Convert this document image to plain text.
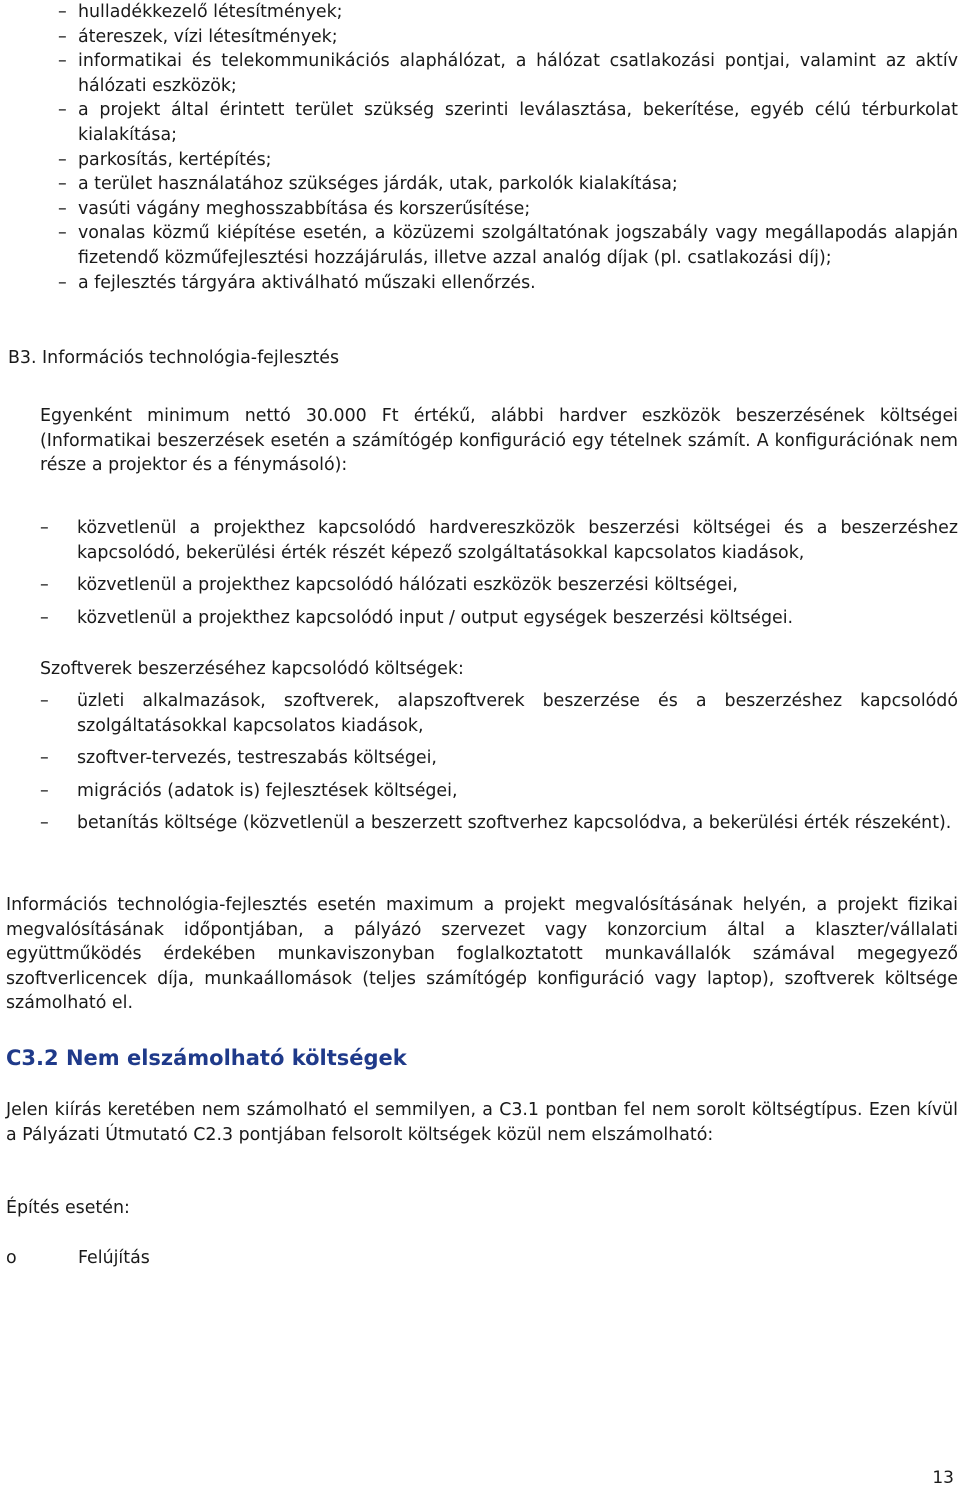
– hulladékkezelő létesítmények;
– átereszek, vízi létesítmények;
– informatikai és telekommunikációs alaphálózat, a hálózat csatlakozási pontjai, valamint az aktív hálózati eszközök;
– a projekt által érintett terület szükség szerinti leválasztása, bekerítése, egyéb célú térburkolat kialakítása;
– parkosítás, kertépítés;
– a terület használatához szükséges járdák, utak, parkolók kialakítása;
– vasúti vágány meghosszabbítása és korszerűsítése;
– vonalas közmű kiépítése esetén, a közüzemi szolgáltatónak jogszabály vagy megállapodás alapján fizetendő közműfejlesztési hozzájárulás, illetve azzal analóg díjak (pl. csatlakozási díj);
– a fejlesztés tárgyára aktiválható műszaki ellenőrzés.
B3. Információs technológia-fejlesztés
Egyenként minimum nettó 30.000 Ft értékű, alábbi hardver eszközök beszerzésének költségei (Informatikai beszerzések esetén a számítógép konfiguráció egy tételnek számít. A konfigurációnak nem része a projektor és a fénymásoló):
– közvetlenül a projekthez kapcsolódó hardvereszközök beszerzési költségei és a beszerzéshez kapcsolódó, bekerülési érték részét képező szolgáltatásokkal kapcsolatos kiadások,
– közvetlenül a projekthez kapcsolódó hálózati eszközök beszerzési költségei,
– közvetlenül a projekthez kapcsolódó input / output egységek beszerzési költségei.
Szoftverek beszerzéséhez kapcsolódó költségek:
– üzleti alkalmazások, szoftverek, alapszoftverek beszerzése és a beszerzéshez kapcsolódó szolgáltatásokkal kapcsolatos kiadások,
– szoftver-tervezés, testreszabás költségei,
– migrációs (adatok is) fejlesztések költségei,
– betanítás költsége (közvetlenül a beszerzett szoftverhez kapcsolódva, a bekerülési érték részeként).
Információs technológia-fejlesztés esetén maximum a projekt megvalósításának helyén, a projekt fizikai megvalósításának időpontjában, a pályázó szervezet vagy konzorcium által a klaszter/vállalati együttműködés érdekében munkaviszonyban foglalkoztatott munkavállalók számával megegyező szoftverlicencek díja, munkaállomások (teljes számítógép konfiguráció vagy laptop), szoftverek költsége számolható el.
C3.2 Nem elszámolható költségek
Jelen kiírás keretében nem számolható el semmilyen, a C3.1 pontban fel nem sorolt költségtípus. Ezen kívül a Pályázati Útmutató C2.3 pontjában felsorolt költségek közül nem elszámolható:
Építés esetén:
o	Felújítás
13
